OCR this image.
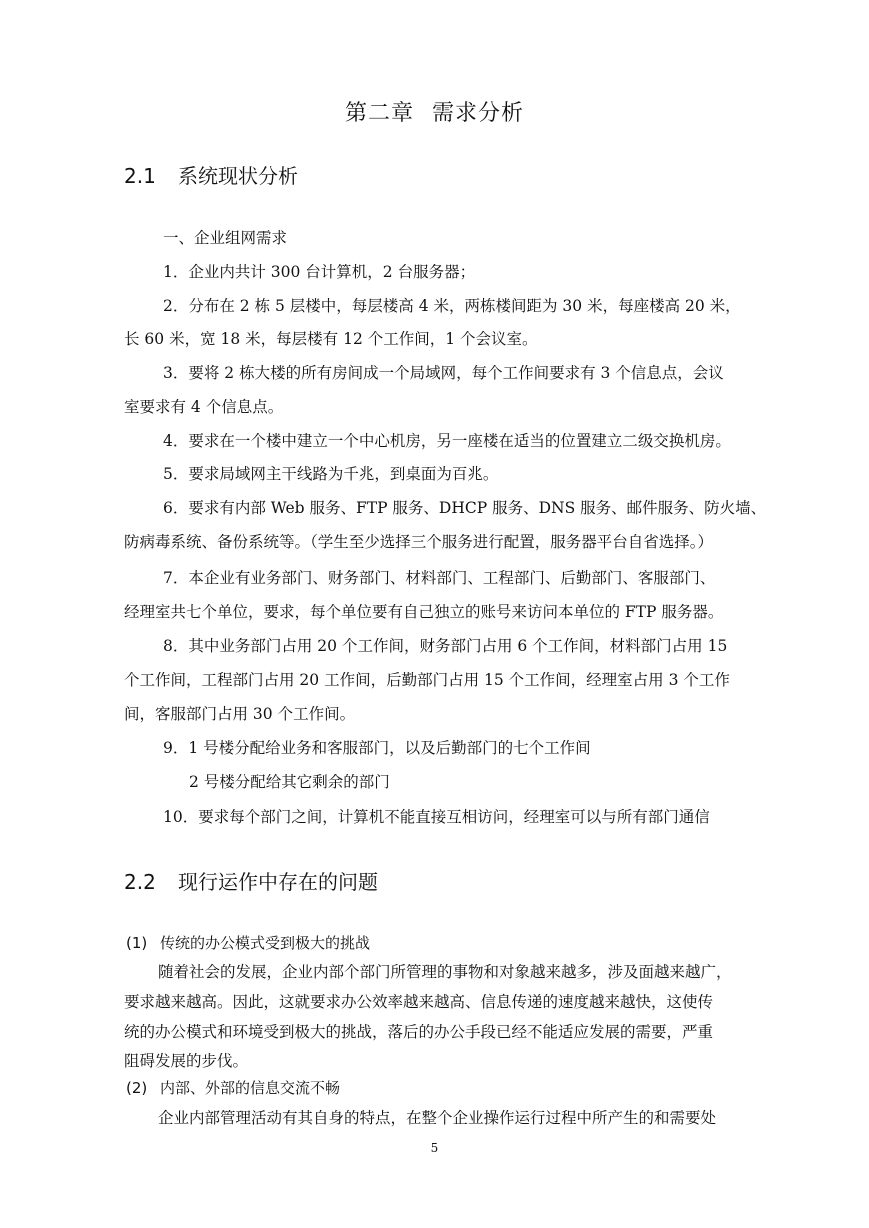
第二章 需求分析
2.1 系统现状分析
一、企业组网需求
1．企业内共计 300 台计算机，2 台服务器；
2．分布在 2 栋 5 层楼中，每层楼高 4 米，两栋楼间距为 30 米，每座楼高 20 米，
长 60 米，宽 18 米，每层楼有 12 个工作间，1 个会议室。
3．要将 2 栋大楼的所有房间成一个局域网，每个工作间要求有 3 个信息点，会议
室要求有 4 个信息点。
4．要求在一个楼中建立一个中心机房，另一座楼在适当的位置建立二级交换机房。
5．要求局域网主干线路为千兆，到桌面为百兆。
6．要求有内部 Web 服务、FTP 服务、DHCP 服务、DNS 服务、邮件服务、防火墙、
防病毒系统、备份系统等。（学生至少选择三个服务进行配置，服务器平台自省选择。）
7．本企业有业务部门、财务部门、材料部门、工程部门、后勤部门、客服部门、
经理室共七个单位，要求，每个单位要有自己独立的账号来访问本单位的 FTP 服务器。
8．其中业务部门占用 20 个工作间，财务部门占用 6 个工作间，材料部门占用 15
个工作间，工程部门占用 20 工作间，后勤部门占用 15 个工作间，经理室占用 3 个工作
间，客服部门占用 30 个工作间。
9．1 号楼分配给业务和客服部门，以及后勤部门的七个工作间
2 号楼分配给其它剩余的部门
10．要求每个部门之间，计算机不能直接互相访问，经理室可以与所有部门通信
2.2 现行运作中存在的问题
(1) 传统的办公模式受到极大的挑战
随着社会的发展，企业内部个部门所管理的事物和对象越来越多，涉及面越来越广，
要求越来越高。因此，这就要求办公效率越来越高、信息传递的速度越来越快，这使传
统的办公模式和环境受到极大的挑战，落后的办公手段已经不能适应发展的需要，严重
阻碍发展的步伐。
(2) 内部、外部的信息交流不畅
企业内部管理活动有其自身的特点，在整个企业操作运行过程中所产生的和需要处
5
